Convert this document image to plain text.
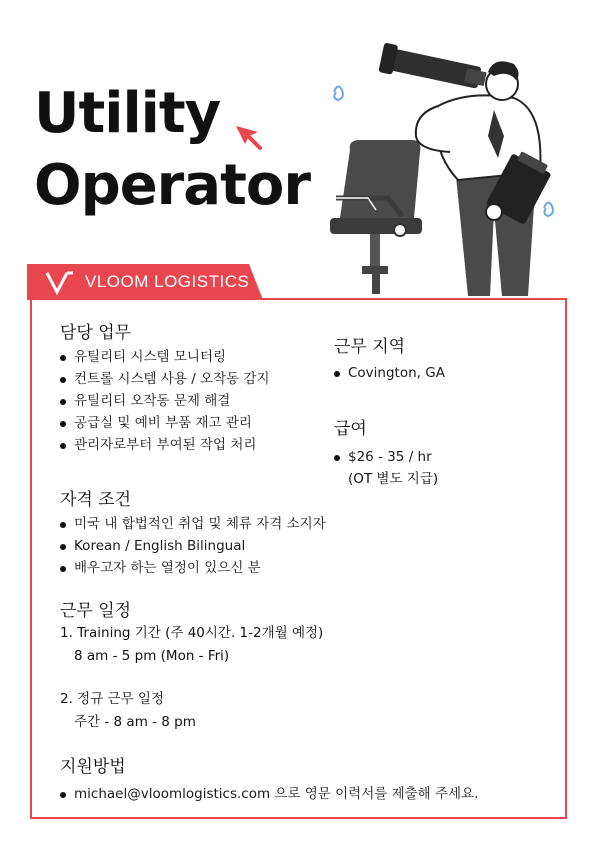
Utility
Operator
VLOOM LOGISTICS
담당 업무
유틸리티 시스템 모니터링
컨트롤 시스템 사용 / 오작동 감지
유틸리티 오작동 문제 해결
공급실 및 예비 부품 재고 관리
관리자로부터 부여된 작업 처리
근무 지역
Covington, GA
급여
$26 - 35 / hr
(OT 별도 지급)
자격 조건
미국 내 합법적인 취업 및 체류 자격 소지자
Korean / English Bilingual
배우고자 하는 열정이 있으신 분
근무 일정
1. Training 기간 (주 40시간. 1-2개월 예정)
8 am - 5 pm (Mon - Fri)
2. 정규 근무 일정
주간 - 8 am - 8 pm
지원방법
michael@vloomlogistics.com 으로 영문 이력서를 제출해 주세요.
